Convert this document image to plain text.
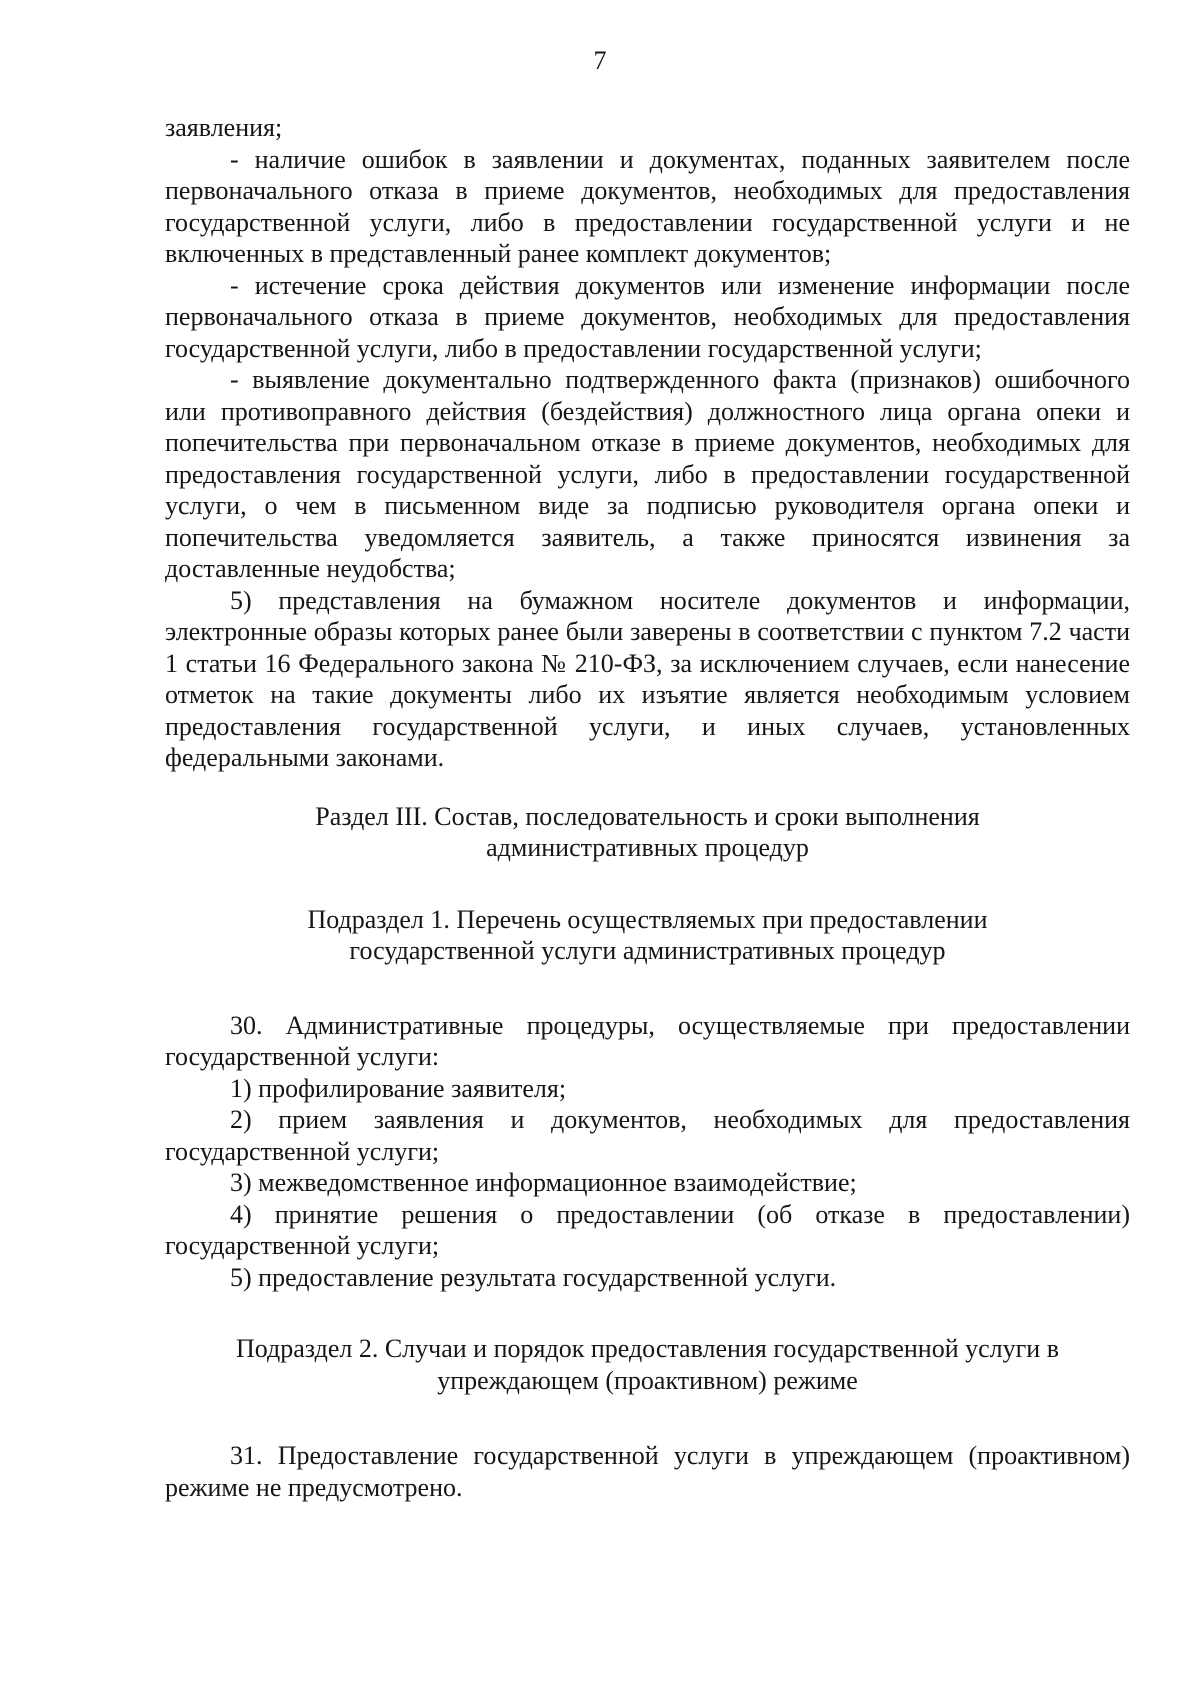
7

заявления;

- наличие ошибок в заявлении и документах, поданных заявителем после первоначального отказа в приеме документов, необходимых для предоставления государственной услуги, либо в предоставлении государственной услуги и не включенных в представленный ранее комплект документов;

- истечение срока действия документов или изменение информации после первоначального отказа в приеме документов, необходимых для предоставления государственной услуги, либо в предоставлении государственной услуги;

- выявление документально подтвержденного факта (признаков) ошибочного или противоправного действия (бездействия) должностного лица органа опеки и попечительства при первоначальном отказе в приеме документов, необходимых для предоставления государственной услуги, либо в предоставлении государственной услуги, о чем в письменном виде за подписью руководителя органа опеки и попечительства уведомляется заявитель, а также приносятся извинения за доставленные неудобства;

5) представления на бумажном носителе документов и информации, электронные образы которых ранее были заверены в соответствии с пунктом 7.2 части 1 статьи 16 Федерального закона № 210-ФЗ, за исключением случаев, если нанесение отметок на такие документы либо их изъятие является необходимым условием предоставления государственной услуги, и иных случаев, установленных федеральными законами.

Раздел III. Состав, последовательность и сроки выполнения
административных процедур

Подраздел 1. Перечень осуществляемых при предоставлении
государственной услуги административных процедур

30. Административные процедуры, осуществляемые при предоставлении государственной услуги:

1) профилирование заявителя;

2) прием заявления и документов, необходимых для предоставления государственной услуги;

3) межведомственное информационное взаимодействие;

4) принятие решения о предоставлении (об отказе в предоставлении) государственной услуги;

5) предоставление результата государственной услуги.

Подраздел 2. Случаи и порядок предоставления государственной услуги в
упреждающем (проактивном) режиме

31. Предоставление государственной услуги в упреждающем (проактивном) режиме не предусмотрено.
